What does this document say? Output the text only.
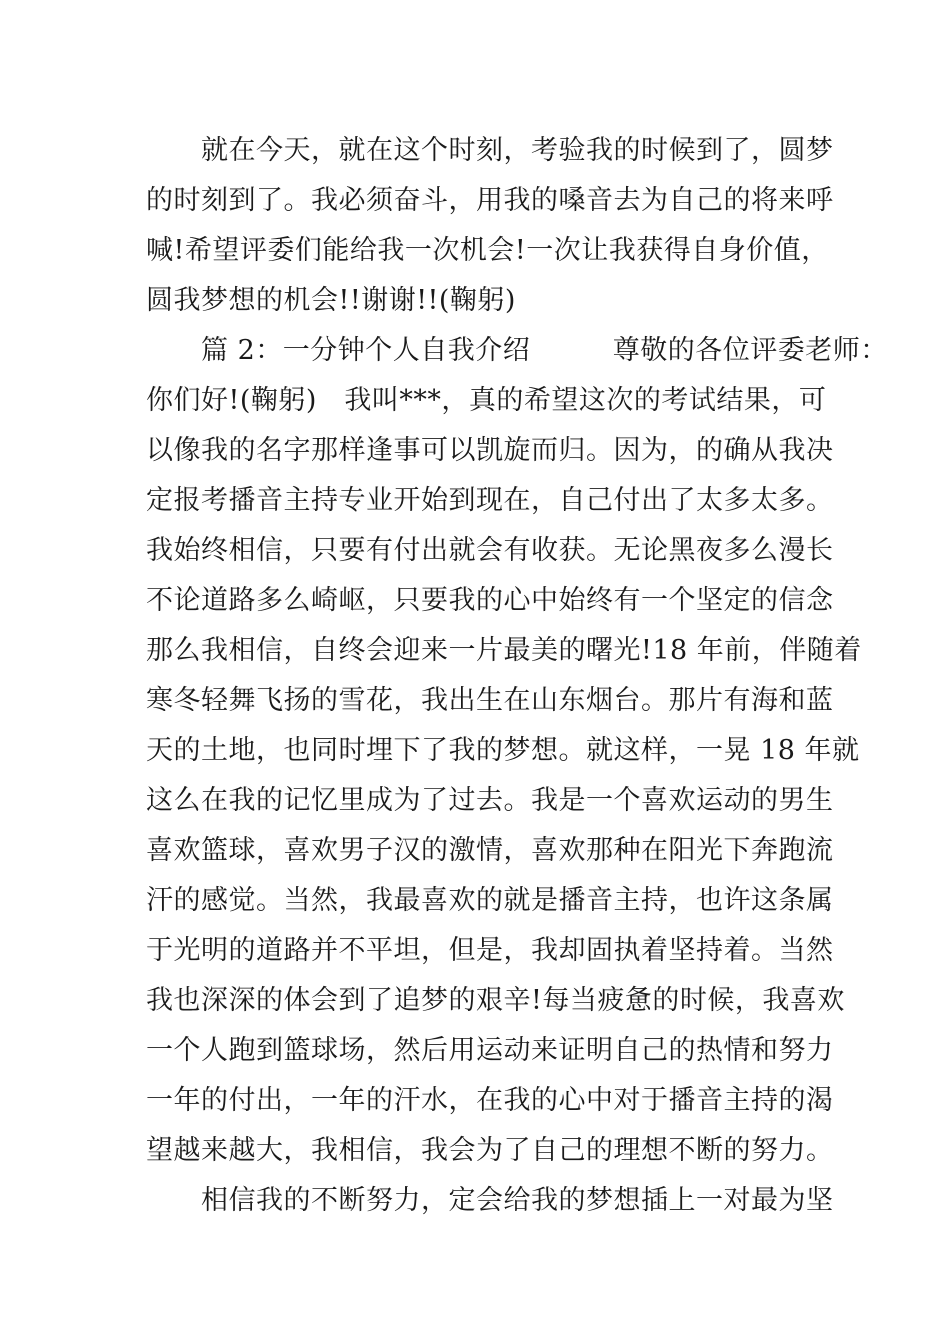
　　就在今天，就在这个时刻，考验我的时候到了，圆梦
的时刻到了。我必须奋斗，用我的嗓音去为自己的将来呼
喊!希望评委们能给我一次机会!一次让我获得自身价值，
圆我梦想的机会!!谢谢!!(鞠躬)
　　篇 2：一分钟个人自我介绍　　　尊敬的各位评委老师：
你们好!(鞠躬)　我叫***，真的希望这次的考试结果，可
以像我的名字那样逢事可以凯旋而归。因为，的确从我决
定报考播音主持专业开始到现在，自己付出了太多太多。
我始终相信，只要有付出就会有收获。无论黑夜多么漫长
不论道路多么崎岖，只要我的心中始终有一个坚定的信念
那么我相信，自终会迎来一片最美的曙光!18 年前，伴随着
寒冬轻舞飞扬的雪花，我出生在山东烟台。那片有海和蓝
天的土地，也同时埋下了我的梦想。就这样，一晃 18 年就
这么在我的记忆里成为了过去。我是一个喜欢运动的男生
喜欢篮球，喜欢男子汉的激情，喜欢那种在阳光下奔跑流
汗的感觉。当然，我最喜欢的就是播音主持，也许这条属
于光明的道路并不平坦，但是，我却固执着坚持着。当然
我也深深的体会到了追梦的艰辛!每当疲惫的时候，我喜欢
一个人跑到篮球场，然后用运动来证明自己的热情和努力
一年的付出，一年的汗水，在我的心中对于播音主持的渴
望越来越大，我相信，我会为了自己的理想不断的努力。
　　相信我的不断努力，定会给我的梦想插上一对最为坚
